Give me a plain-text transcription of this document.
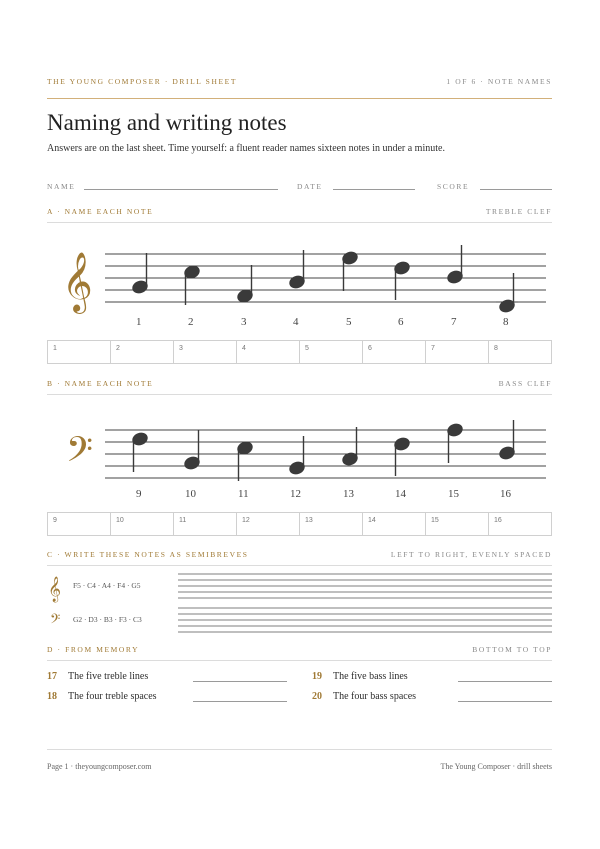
THE YOUNG COMPOSER · DRILL SHEET	1 OF 6 · NOTE NAMES
Naming and writing notes
Answers are on the last sheet. Time yourself: a fluent reader names sixteen notes in under a minute.
NAME	DATE	SCORE
A · NAME EACH NOTE	TREBLE CLEF
𝄞
1	2	3	4	5	6	7	8
1	2	3	4	5	6	7	8
B · NAME EACH NOTE	BASS CLEF
𝄢
9	10	11	12	13	14	15	16
9	10	11	12	13	14	15	16
C · WRITE THESE NOTES AS SEMIBREVES	LEFT TO RIGHT, EVENLY SPACED
𝄞
𝄢
F5 · C4 · A4 · F4 · G5
G2 · D3 · B3 · F3 · C3
D · FROM MEMORY	BOTTOM TO TOP
17 The five treble lines
18 The four treble spaces
19 The five bass lines
20 The four bass spaces
Page 1 · theyoungcomposer.com	The Young Composer · drill sheets
